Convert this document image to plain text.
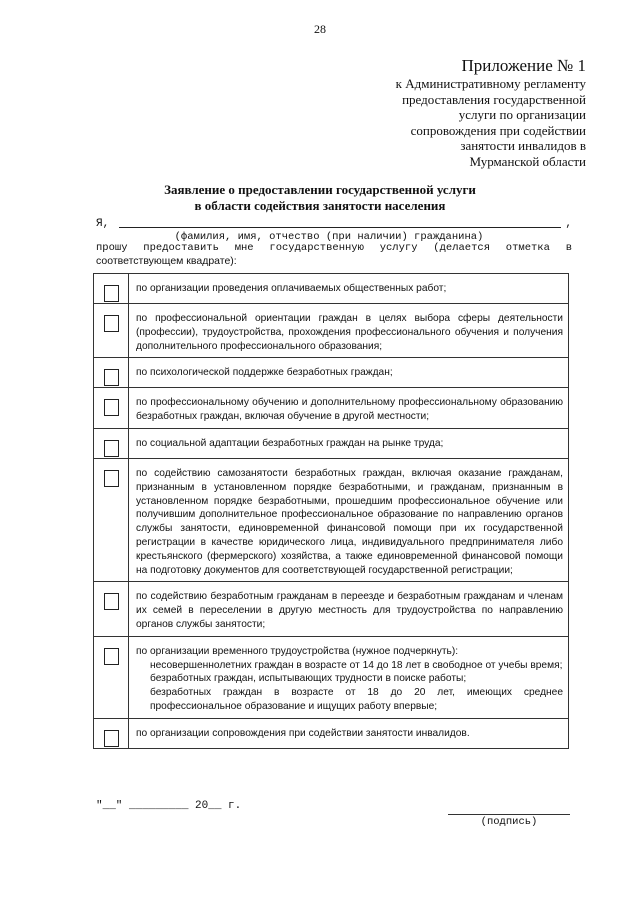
28
Приложение № 1
к Административному регламенту
предоставления государственной
услуги по организации
сопровождения при содействии
занятости инвалидов в
Мурманской области
Заявление о предоставлении государственной услуги
в области содействия занятости населения
Я,	,
(фамилия, имя, отчество (при наличии) гражданина)
прошу предоставить мне государственную услугу (делается отметка в
соответствующем квадрате):
	по организации проведения оплачиваемых общественных работ;

	по профессиональной ориентации граждан в целях выбора сферы деятельности (профессии), трудоустройства, прохождения профессионального обучения и получения дополнительного профессионального образования;

	по психологической поддержке безработных граждан;

	по профессиональному обучению и дополнительному профессиональному образованию безработных граждан, включая обучение в другой местности;

	по социальной адаптации безработных граждан на рынке труда;

	по содействию самозанятости безработных граждан, включая оказание гражданам, признанным в установленном порядке безработными, и гражданам, признанным в установленном порядке безработными, прошедшим профессиональное обучение или получившим дополнительное профессиональное образование по направлению органов службы занятости, единовременной финансовой помощи при их государственной регистрации в качестве юридического лица, индивидуального предпринимателя либо крестьянского (фермерского) хозяйства, а также единовременной финансовой помощи на подготовку документов для соответствующей государственной регистрации;

	по содействию безработным гражданам в переезде и безработным гражданам и членам их семей в переселении в другую местность для трудоустройства по направлению органов службы занятости;

	по организации временного трудоустройства (нужное подчеркнуть):
несовершеннолетних граждан в возрасте от 14 до 18 лет в свободное от учебы время;
безработных граждан, испытывающих трудности в поиске работы;
безработных граждан в возрасте от 18 до 20 лет, имеющих среднее профессиональное образование и ищущих работу впервые;

	по организации сопровождения при содействии занятости инвалидов.
"__" _________ 20__ г.
(подпись)
